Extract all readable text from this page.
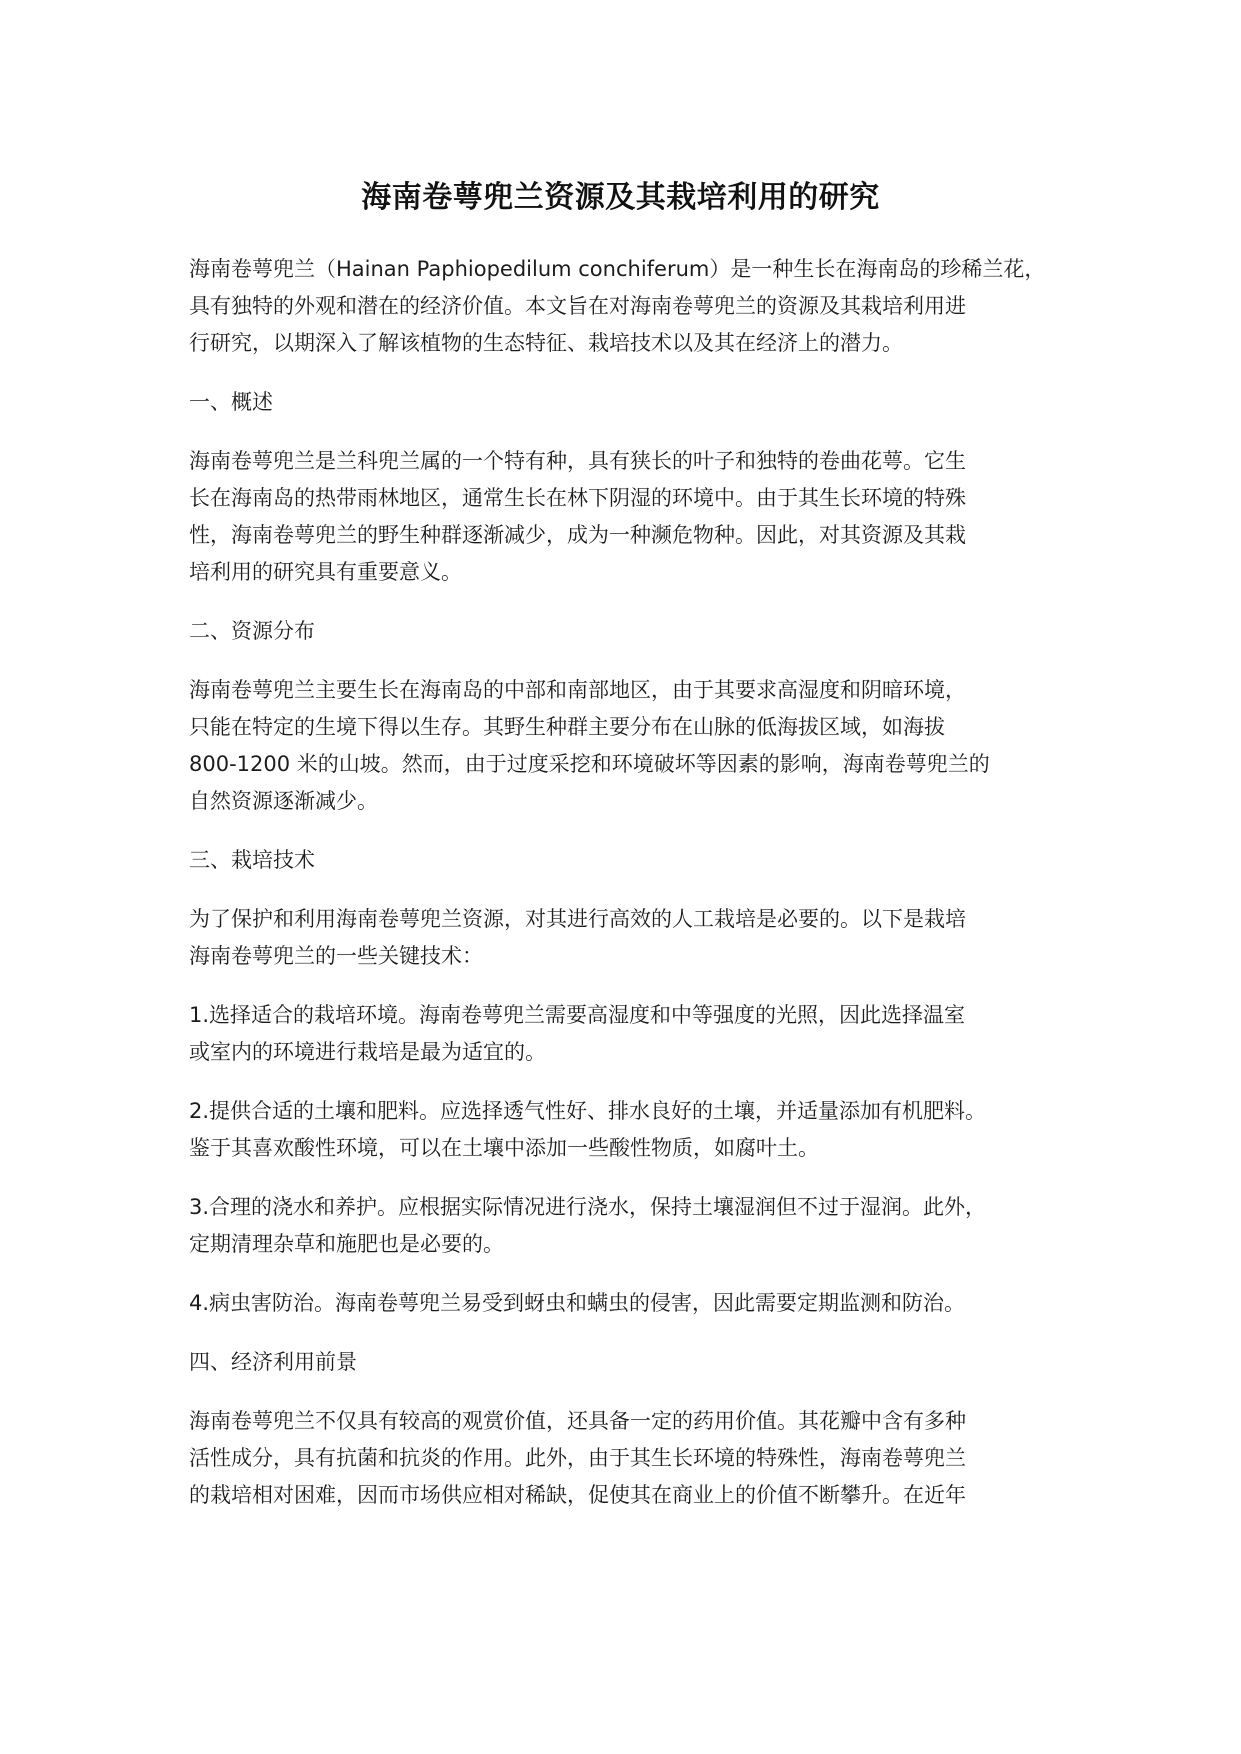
海南卷萼兜兰资源及其栽培利用的研究
海南卷萼兜兰（Hainan Paphiopedilum conchiferum）是一种生长在海南岛的珍稀兰花，
具有独特的外观和潜在的经济价值。本文旨在对海南卷萼兜兰的资源及其栽培利用进
行研究，以期深入了解该植物的生态特征、栽培技术以及其在经济上的潜力。
一、概述
海南卷萼兜兰是兰科兜兰属的一个特有种，具有狭长的叶子和独特的卷曲花萼。它生
长在海南岛的热带雨林地区，通常生长在林下阴湿的环境中。由于其生长环境的特殊
性，海南卷萼兜兰的野生种群逐渐减少，成为一种濒危物种。因此，对其资源及其栽
培利用的研究具有重要意义。
二、资源分布
海南卷萼兜兰主要生长在海南岛的中部和南部地区，由于其要求高湿度和阴暗环境，
只能在特定的生境下得以生存。其野生种群主要分布在山脉的低海拔区域，如海拔
800-1200 米的山坡。然而，由于过度采挖和环境破坏等因素的影响，海南卷萼兜兰的
自然资源逐渐减少。
三、栽培技术
为了保护和利用海南卷萼兜兰资源，对其进行高效的人工栽培是必要的。以下是栽培
海南卷萼兜兰的一些关键技术：
1.选择适合的栽培环境。海南卷萼兜兰需要高湿度和中等强度的光照，因此选择温室
或室内的环境进行栽培是最为适宜的。
2.提供合适的土壤和肥料。应选择透气性好、排水良好的土壤，并适量添加有机肥料。
鉴于其喜欢酸性环境，可以在土壤中添加一些酸性物质，如腐叶土。
3.合理的浇水和养护。应根据实际情况进行浇水，保持土壤湿润但不过于湿润。此外，
定期清理杂草和施肥也是必要的。
4.病虫害防治。海南卷萼兜兰易受到蚜虫和螨虫的侵害，因此需要定期监测和防治。
四、经济利用前景
海南卷萼兜兰不仅具有较高的观赏价值，还具备一定的药用价值。其花瓣中含有多种
活性成分，具有抗菌和抗炎的作用。此外，由于其生长环境的特殊性，海南卷萼兜兰
的栽培相对困难，因而市场供应相对稀缺，促使其在商业上的价值不断攀升。在近年
